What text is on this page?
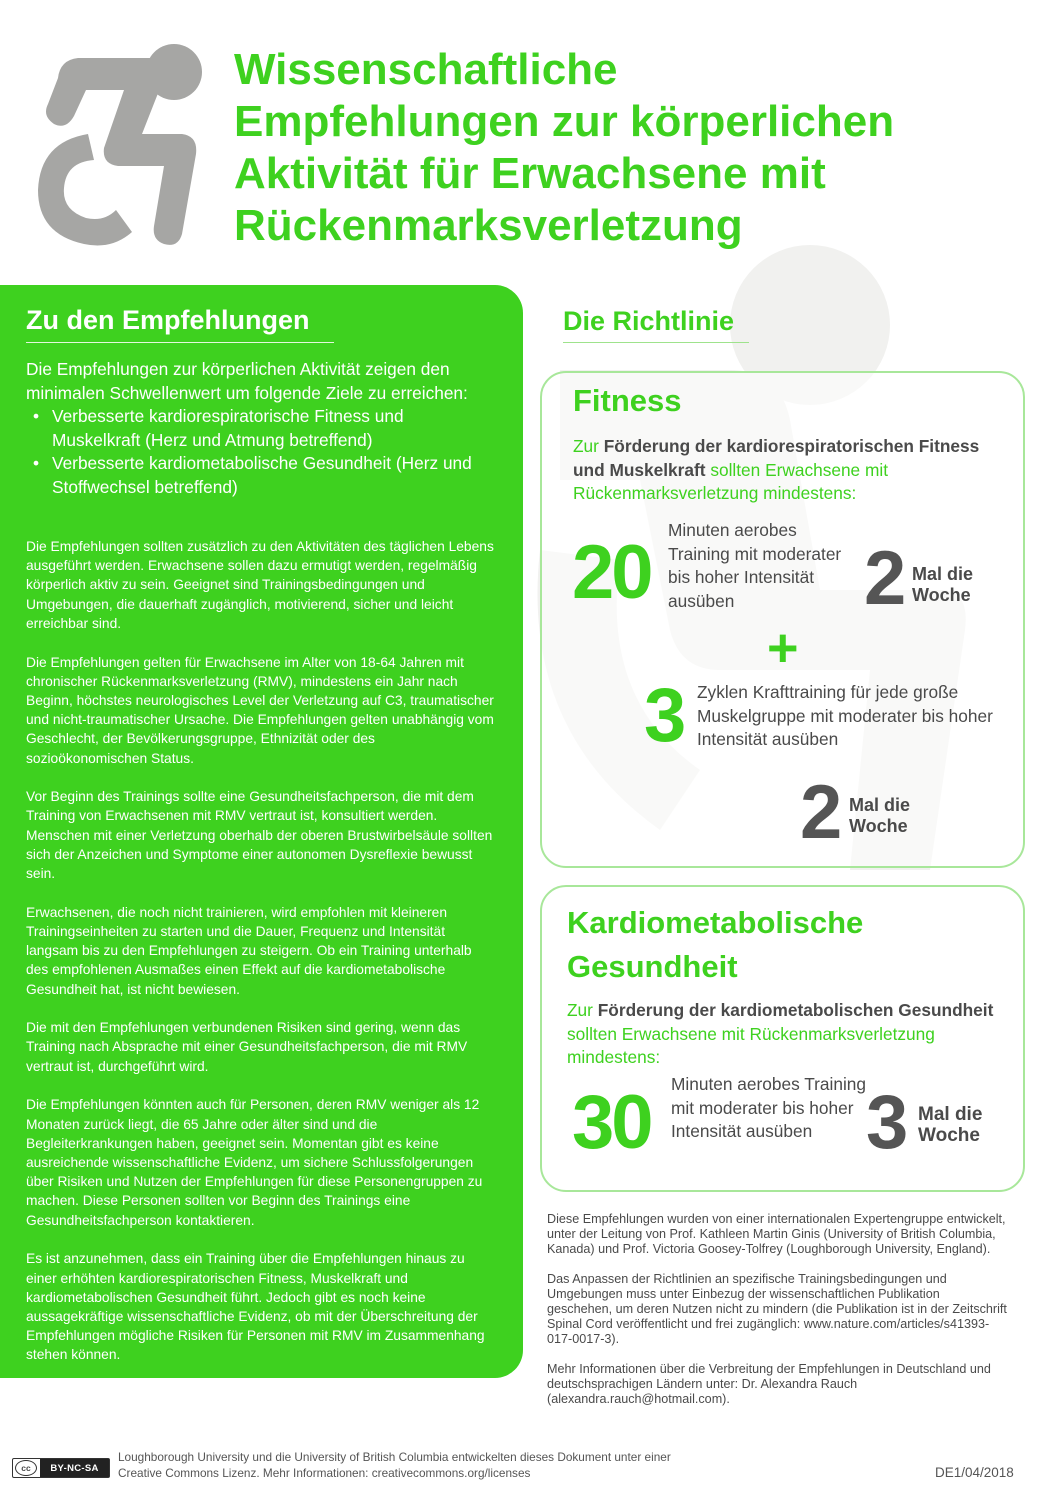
Wissenschaftliche
Empfehlungen zur körperlichen
Aktivität für Erwachsene mit
Rückenmarksverletzung
Zu den Empfehlungen
Die Empfehlungen zur körperlichen Aktivität zeigen den minimalen Schwellenwert um folgende Ziele zu erreichen:
• Verbesserte kardiorespiratorische Fitness und Muskelkraft (Herz und Atmung betreffend)
• Verbesserte kardiometabolische Gesundheit (Herz und Stoffwechsel betreffend)

Die Empfehlungen sollten zusätzlich zu den Aktivitäten des täglichen Lebens ausgeführt werden. Erwachsene sollen dazu ermutigt werden, regelmäßig körperlich aktiv zu sein. Geeignet sind Trainingsbedingungen und Umgebungen, die dauerhaft zugänglich, motivierend, sicher und leicht erreichbar sind.

Die Empfehlungen gelten für Erwachsene im Alter von 18-64 Jahren mit chronischer Rückenmarksverletzung (RMV), mindestens ein Jahr nach Beginn, höchstes neurologisches Level der Verletzung auf C3, traumatischer und nicht-traumatischer Ursache. Die Empfehlungen gelten unabhängig vom Geschlecht, der Bevölkerungsgruppe, Ethnizität oder des sozioökonomischen Status.

Vor Beginn des Trainings sollte eine Gesundheitsfachperson, die mit dem Training von Erwachsenen mit RMV vertraut ist, konsultiert werden. Menschen mit einer Verletzung oberhalb der oberen Brustwirbelsäule sollten sich der Anzeichen und Symptome einer autonomen Dysreflexie bewusst sein.

Erwachsenen, die noch nicht trainieren, wird empfohlen mit kleineren Trainingseinheiten zu starten und die Dauer, Frequenz und Intensität langsam bis zu den Empfehlungen zu steigern. Ob ein Training unterhalb des empfohlenen Ausmaßes einen Effekt auf die kardiometabolische Gesundheit hat, ist nicht bewiesen.

Die mit den Empfehlungen verbundenen Risiken sind gering, wenn das Training nach Absprache mit einer Gesundheitsfachperson, die mit RMV vertraut ist, durchgeführt wird.

Die Empfehlungen könnten auch für Personen, deren RMV weniger als 12 Monaten zurück liegt, die 65 Jahre oder älter sind und die Begleiterkrankungen haben, geeignet sein. Momentan gibt es keine ausreichende wissenschaftliche Evidenz, um sichere Schlussfolgerungen über Risiken und Nutzen der Empfehlungen für diese Personengruppen zu machen. Diese Personen sollten vor Beginn des Trainings eine Gesundheitsfachperson kontaktieren.

Es ist anzunehmen, dass ein Training über die Empfehlungen hinaus zu einer erhöhten kardiorespiratorischen Fitness, Muskelkraft und kardiometabolischen Gesundheit führt. Jedoch gibt es noch keine aussagekräftige wissenschaftliche Evidenz, ob mit der Überschreitung der Empfehlungen mögliche Risiken für Personen mit RMV im Zusammenhang stehen können.

Die Richtlinie
Fitness
Zur Förderung der kardiorespiratorischen Fitness und Muskelkraft sollten Erwachsene mit Rückenmarksverletzung mindestens:
20 Minuten aerobes Training mit moderater bis hoher Intensität ausüben	2 Mal die Woche
+
3 Zyklen Krafttraining für jede große Muskelgruppe mit moderater bis hoher Intensität ausüben
2 Mal die Woche
Kardiometabolische Gesundheit
Zur Förderung der kardiometabolischen Gesundheit sollten Erwachsene mit Rückenmarksverletzung mindestens:
30 Minuten aerobes Training mit moderater bis hoher Intensität ausüben 3 Mal die Woche

Diese Empfehlungen wurden von einer internationalen Expertengruppe entwickelt, unter der Leitung von Prof. Kathleen Martin Ginis (University of British Columbia, Kanada) und Prof. Victoria Goosey-Tolfrey (Loughborough University, England).

Das Anpassen der Richtlinien an spezifische Trainingsbedingungen und Umgebungen muss unter Einbezug der wissenschaftlichen Publikation geschehen, um deren Nutzen nicht zu mindern (die Publikation ist in der Zeitschrift Spinal Cord veröffentlicht und frei zugänglich: www.nature.com/articles/s41393-017-0017-3).

Mehr Informationen über die Verbreitung der Empfehlungen in Deutschland und deutschsprachigen Ländern unter: Dr. Alexandra Rauch (alexandra.rauch@hotmail.com).

cc	BY-NC-SA
Loughborough University und die University of British Columbia entwickelten dieses Dokument unter einer Creative Commons Lizenz. Mehr Informationen: creativecommons.org/licenses	DE1/04/2018
